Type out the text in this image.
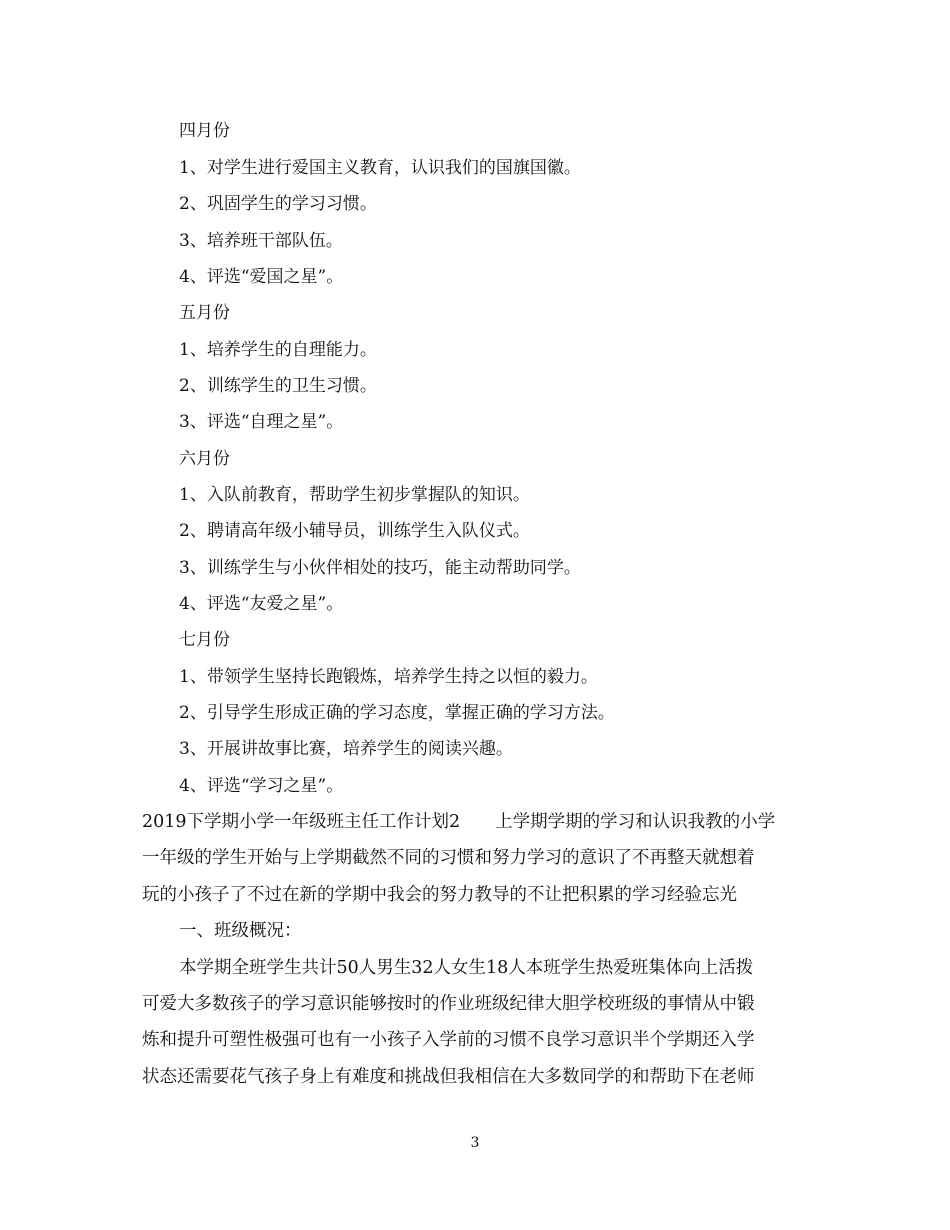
四月份

1、对学生进行爱国主义教育，认识我们的国旗国徽。

2、巩固学生的学习习惯。

3、培养班干部队伍。

4、评选“爱国之星”。

五月份

1、培养学生的自理能力。

2、训练学生的卫生习惯。

3、评选“自理之星”。

六月份

1、入队前教育，帮助学生初步掌握队的知识。

2、聘请高年级小辅导员，训练学生入队仪式。

3、训练学生与小伙伴相处的技巧，能主动帮助同学。

4、评选“友爱之星”。

七月份

1、带领学生坚持长跑锻炼，培养学生持之以恒的毅力。

2、引导学生形成正确的学习态度，掌握正确的学习方法。

3、开展讲故事比赛，培养学生的阅读兴趣。

4、评选“学习之星”。

2019下学期小学一年级班主任工作计划2　　上学期学期的学习和认识我教的小学

一年级的学生开始与上学期截然不同的习惯和努力学习的意识了不再整天就想着

玩的小孩子了不过在新的学期中我会的努力教导的不让把积累的学习经验忘光

一、班级概况：

本学期全班学生共计50人男生32人女生18人本班学生热爱班集体向上活拨

可爱大多数孩子的学习意识能够按时的作业班级纪律大胆学校班级的事情从中锻

炼和提升可塑性极强可也有一小孩子入学前的习惯不良学习意识半个学期还入学

状态还需要花气孩子身上有难度和挑战但我相信在大多数同学的和帮助下在老师

3
